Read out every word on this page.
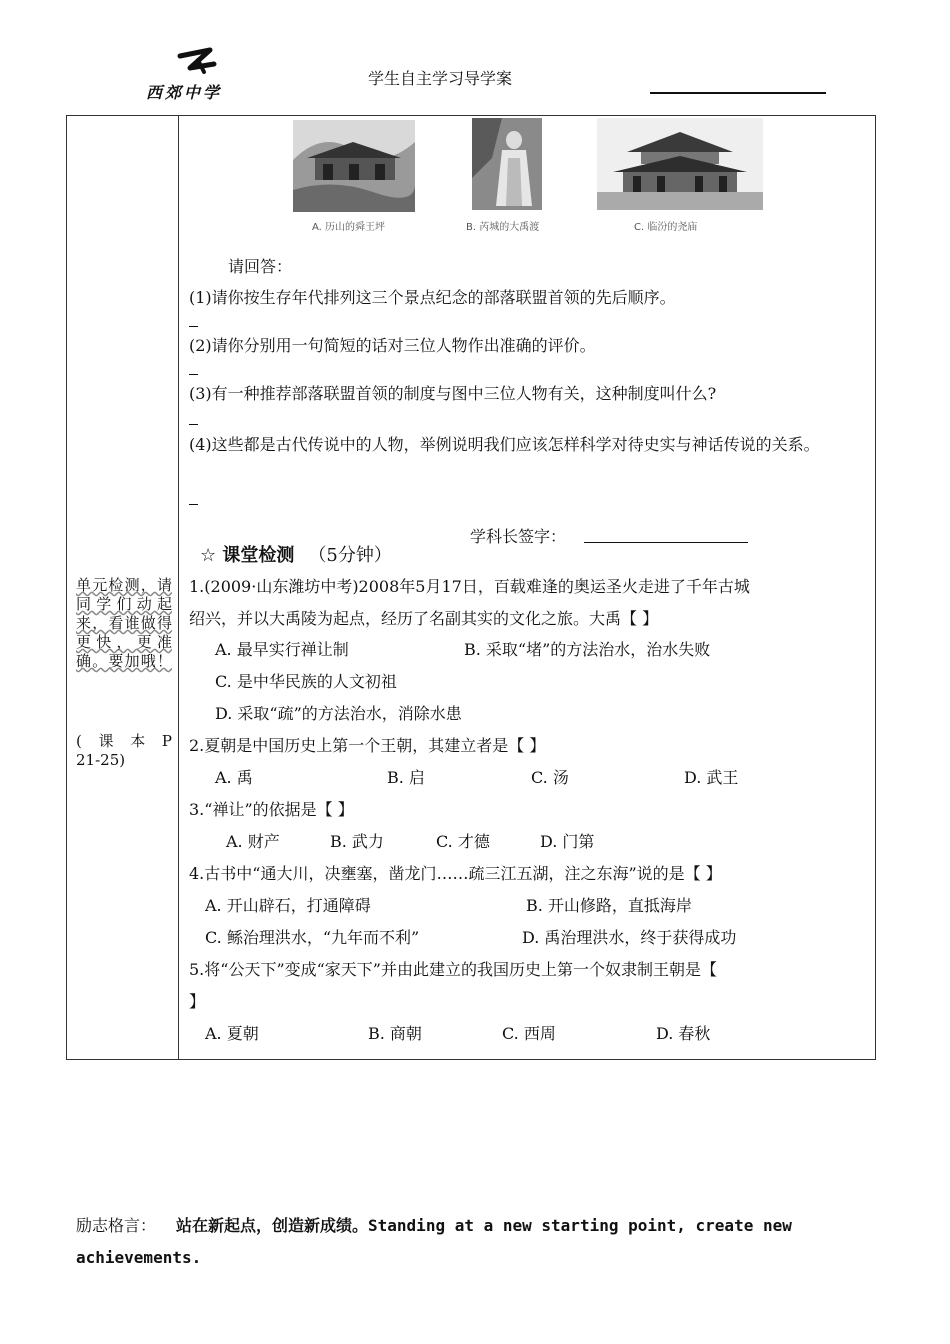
西郊中学
学生自主学习导学案
单元检测，请同学们动起来，看谁做得更快，更准确。要加哦！
( 课 本 P
21-25)
A. 历山的舜王坪	B. 芮城的大禹渡	C. 临汾的尧庙
请回答：
(1)请你按生存年代排列这三个景点纪念的部落联盟首领的先后顺序。
(2)请你分别用一句简短的话对三位人物作出准确的评价。
(3)有一种推荐部落联盟首领的制度与图中三位人物有关，这种制度叫什么?
(4)这些都是古代传说中的人物，举例说明我们应该怎样科学对待史实与神话传说的关系。
学科长签字：
☆ 课堂检测 （5分钟）
1.(2009·山东潍坊中考)2008年5月17日，百载难逢的奥运圣火走进了千年古城
绍兴，并以大禹陵为起点，经历了名副其实的文化之旅。大禹【 】
A. 最早实行禅让制	B. 采取“堵”的方法治水，治水失败
C. 是中华民族的人文初祖
D. 采取“疏”的方法治水，消除水患
2.夏朝是中国历史上第一个王朝，其建立者是【 】
A. 禹	B. 启	C. 汤	D. 武王
3.“禅让”的依据是【 】
A. 财产	B. 武力	C. 才德	D. 门第
4.古书中“通大川，决壅塞，凿龙门……疏三江五湖，注之东海”说的是【 】
A. 开山辟石，打通障碍	B. 开山修路，直抵海岸
C. 鲧治理洪水，“九年而不利”	D. 禹治理洪水，终于获得成功
5.将“公天下”变成“家天下”并由此建立的我国历史上第一个奴隶制王朝是【
】
A. 夏朝	B. 商朝	C. 西周	D. 春秋
励志格言： 站在新起点，创造新成绩。Standing at a new starting point, create new achievements.
